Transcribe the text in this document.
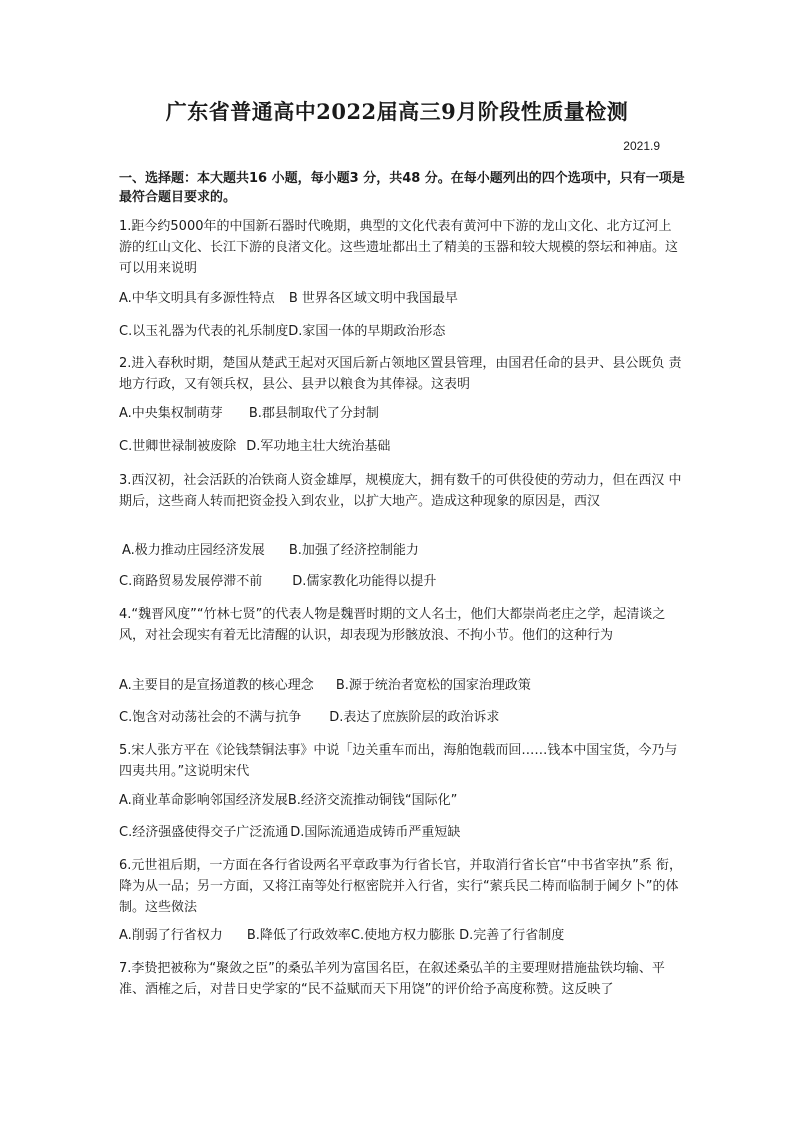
广东省普通高中2022届高三9月阶段性质量检测
2021.9
一、选择题：本大题共16 小题，每小题3 分，共48 分。在每小题列出的四个选项中，只有一项是 最符合题目要求的。
1.距今约5000年的中国新石器时代晚期，典型的文化代表有黄河中下游的龙山文化、北方辽河上游的红山文化、长江下游的良渚文化。这些遗址都出土了精美的玉器和较大规模的祭坛和神庙。这可以用来说明
A.中华文明具有多源性特点 B 世界各区域文明中我国最早
C.以玉礼器为代表的礼乐制度D.家国一体的早期政治形态
2.进入春秋时期，楚国从楚武王起对灭国后新占领地区置县管理，由国君任命的县尹、县公既负 责地方行政，又有领兵权，县公、县尹以粮食为其俸禄。这表明
A.中央集权制萌芽 B.郡县制取代了分封制
C.世卿世禄制被废除 D.军功地主壮大统治基础
3.西汉初，社会活跃的冶铁商人资金雄厚，规模庞大，拥有数千的可供役使的劳动力，但在西汉 中期后，这些商人转而把资金投入到农业，以扩大地产。造成这种现象的原因是，西汉
A.极力推动庄园经济发展 B.加强了经济控制能力
C.商路贸易发展停滞不前 D.儒家教化功能得以提升
4.“魏晋风度”“竹林七贤”的代表人物是魏晋时期的文人名士，他们大都崇尚老庄之学，起清谈之风，对社会现实有着无比清醒的认识，却表现为形骸放浪、不拘小节。他们的这种行为
A.主要目的是宣扬道教的核心理念 B.源于统治者宽松的国家治理政策
C.饱含对动荡社会的不满与抗争 D.表达了庶族阶层的政治诉求
5.宋人张方平在《论钱禁铜法事》中说「边关重车而出，海舶饱载而回……钱本中国宝货，今乃与四夷共用。”这说明宋代
A.商业革命影响邻国经济发展B.经济交流推动铜钱“国际化”
C.经济强盛使得交子广泛流通 D.国际流通造成铸币严重短缺
6.元世祖后期，一方面在各行省设两名平章政事为行省长官，并取消行省长官“中书省宰执”系 衔，降为从一品；另一方面，又将江南等处行枢密院并入行省，实行“萦兵民二梼而临制于阃夕卜”的体制。这些傚法
A.削弱了行省权力 B.降低了行政效率C.使地方权力膨胀 D.完善了行省制度
7.李贽把被称为“聚敛之臣”的桑弘羊列为富国名臣，在叙述桑弘羊的主要理财措施盐铁均输、平准、酒榷之后，对昔日史学家的“民不益赋而天下用饶”的评价给予高度称赞。这反映了
